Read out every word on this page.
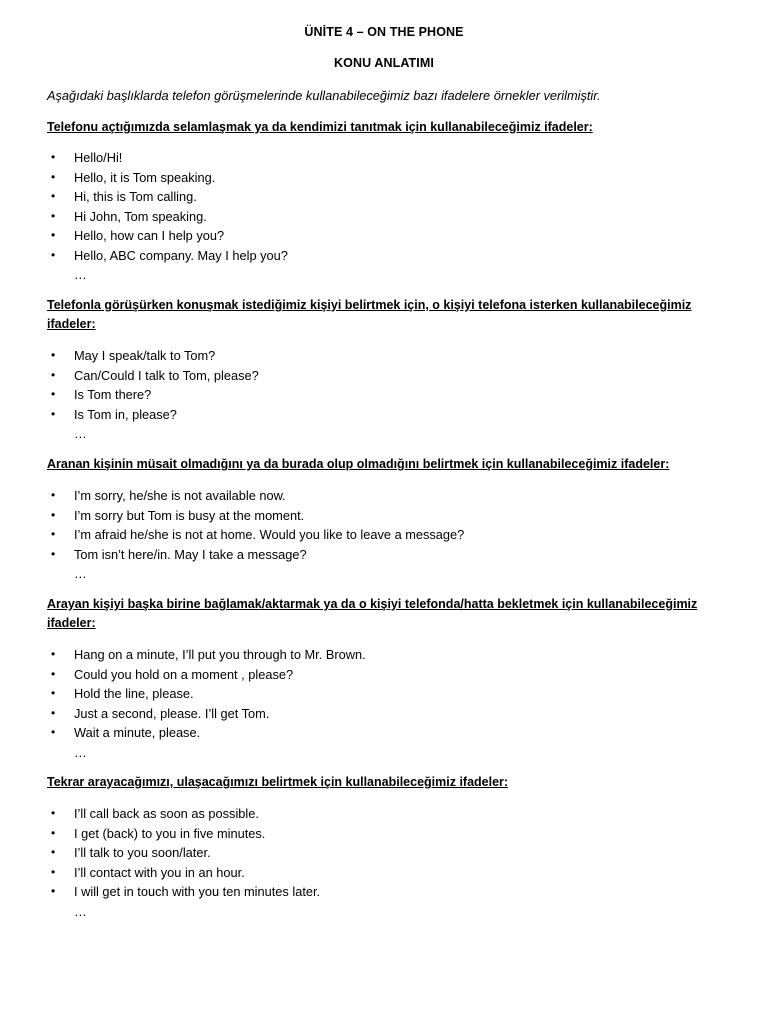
ÜNİTE 4 – ON THE PHONE
KONU ANLATIMI
Aşağıdaki başlıklarda telefon görüşmelerinde kullanabileceğimiz bazı ifadelere örnekler verilmiştir.

Telefonu açtığımızda selamlaşmak ya da kendimizi tanıtmak için kullanabileceğimiz ifadeler:

• Hello/Hi!
• Hello, it is Tom speaking.
• Hi, this is Tom calling.
• Hi John, Tom speaking.
• Hello, how can I help you?
• Hello, ABC company. May I help you?
…

Telefonla görüşürken konuşmak istediğimiz kişiyi belirtmek için, o kişiyi telefona isterken kullanabileceğimiz ifadeler:

• May I speak/talk to Tom?
• Can/Could I talk to Tom, please?
• Is Tom there?
• Is Tom in, please?
…

Aranan kişinin müsait olmadığını ya da burada olup olmadığını belirtmek için kullanabileceğimiz ifadeler:

• I’m sorry, he/she is not available now.
• I’m sorry but Tom is busy at the moment.
• I’m afraid he/she is not at home. Would you like to leave a message?
• Tom isn’t here/in. May I take a message?
…

Arayan kişiyi başka birine bağlamak/aktarmak ya da o kişiyi telefonda/hatta bekletmek için kullanabileceğimiz ifadeler:

• Hang on a minute, I’ll put you through to Mr. Brown.
• Could you hold on a moment , please?
• Hold the line, please.
• Just a second, please. I’ll get Tom.
• Wait a minute, please.
…

Tekrar arayacağımızı, ulaşacağımızı belirtmek için kullanabileceğimiz ifadeler:

• I’ll call back as soon as possible.
• I get (back) to you in five minutes.
• I’ll talk to you soon/later.
• I’ll contact with you in an hour.
• I will get in touch with you ten minutes later.
…
